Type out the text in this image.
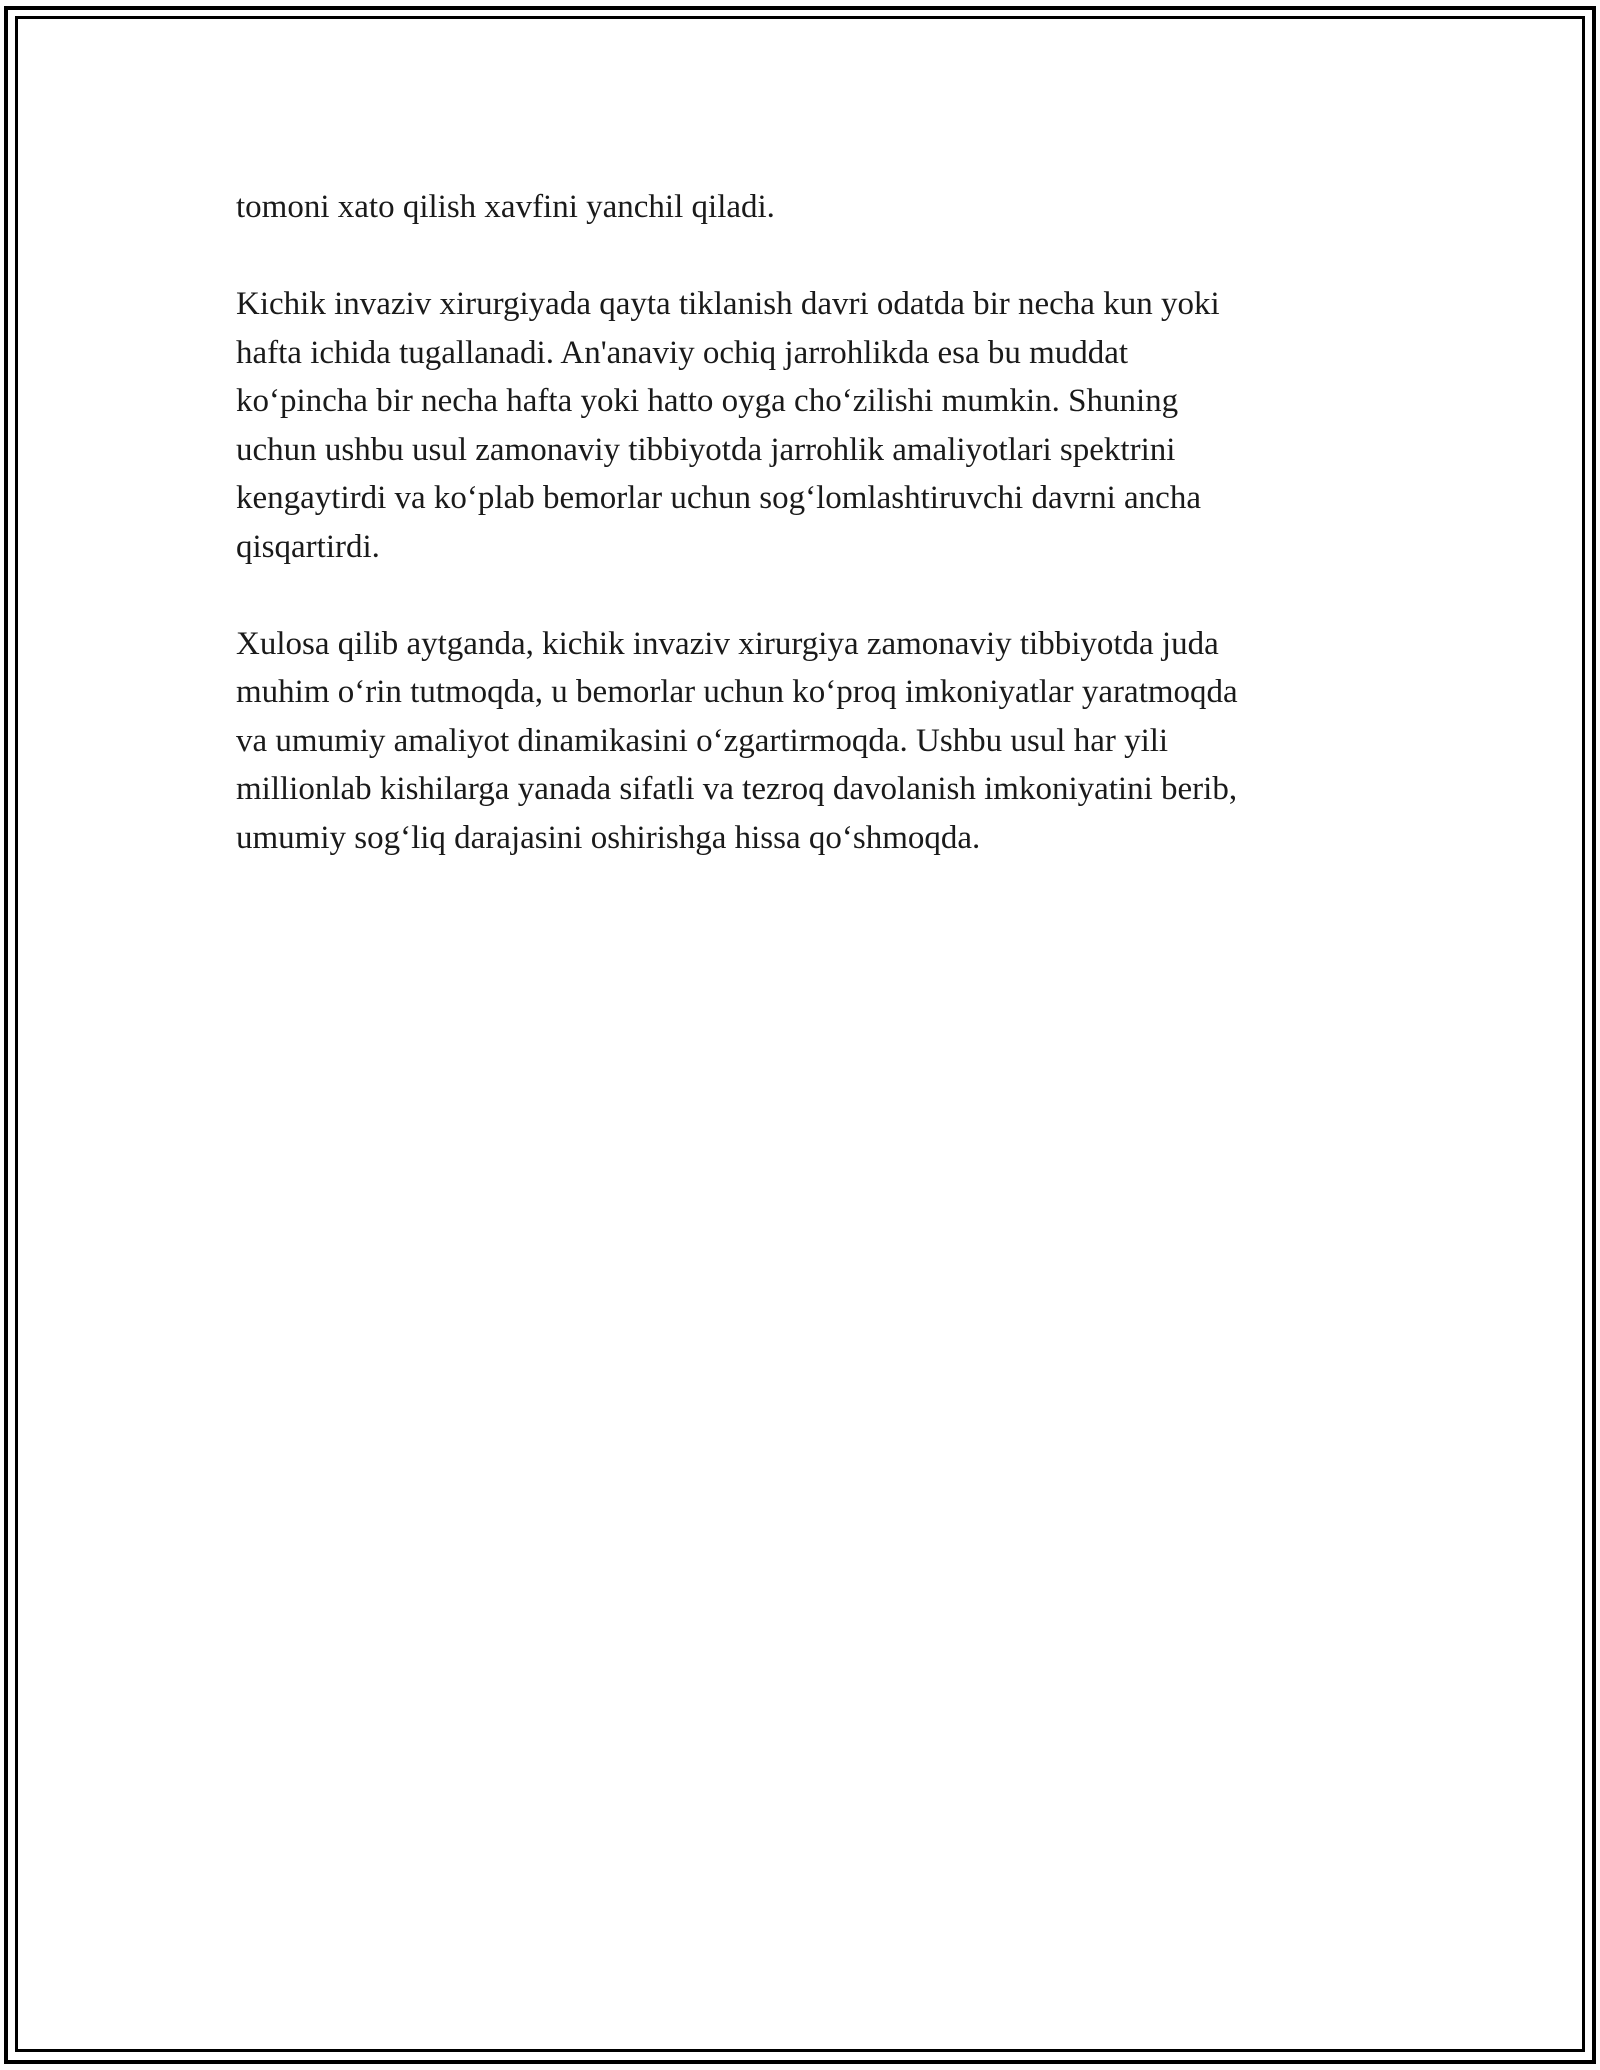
tomoni xato qilish xavfini yanchil qiladi.

Kichik invaziv xirurgiyada qayta tiklanish davri odatda bir necha kun yoki
hafta ichida tugallanadi. An'anaviy ochiq jarrohlikda esa bu muddat
ko‘pincha bir necha hafta yoki hatto oyga cho‘zilishi mumkin. Shuning
uchun ushbu usul zamonaviy tibbiyotda jarrohlik amaliyotlari spektrini
kengaytirdi va ko‘plab bemorlar uchun sog‘lomlashtiruvchi davrni ancha
qisqartirdi.

Xulosa qilib aytganda, kichik invaziv xirurgiya zamonaviy tibbiyotda juda
muhim o‘rin tutmoqda, u bemorlar uchun ko‘proq imkoniyatlar yaratmoqda
va umumiy amaliyot dinamikasini o‘zgartirmoqda. Ushbu usul har yili
millionlab kishilarga yanada sifatli va tezroq davolanish imkoniyatini berib,
umumiy sog‘liq darajasini oshirishga hissa qo‘shmoqda.
